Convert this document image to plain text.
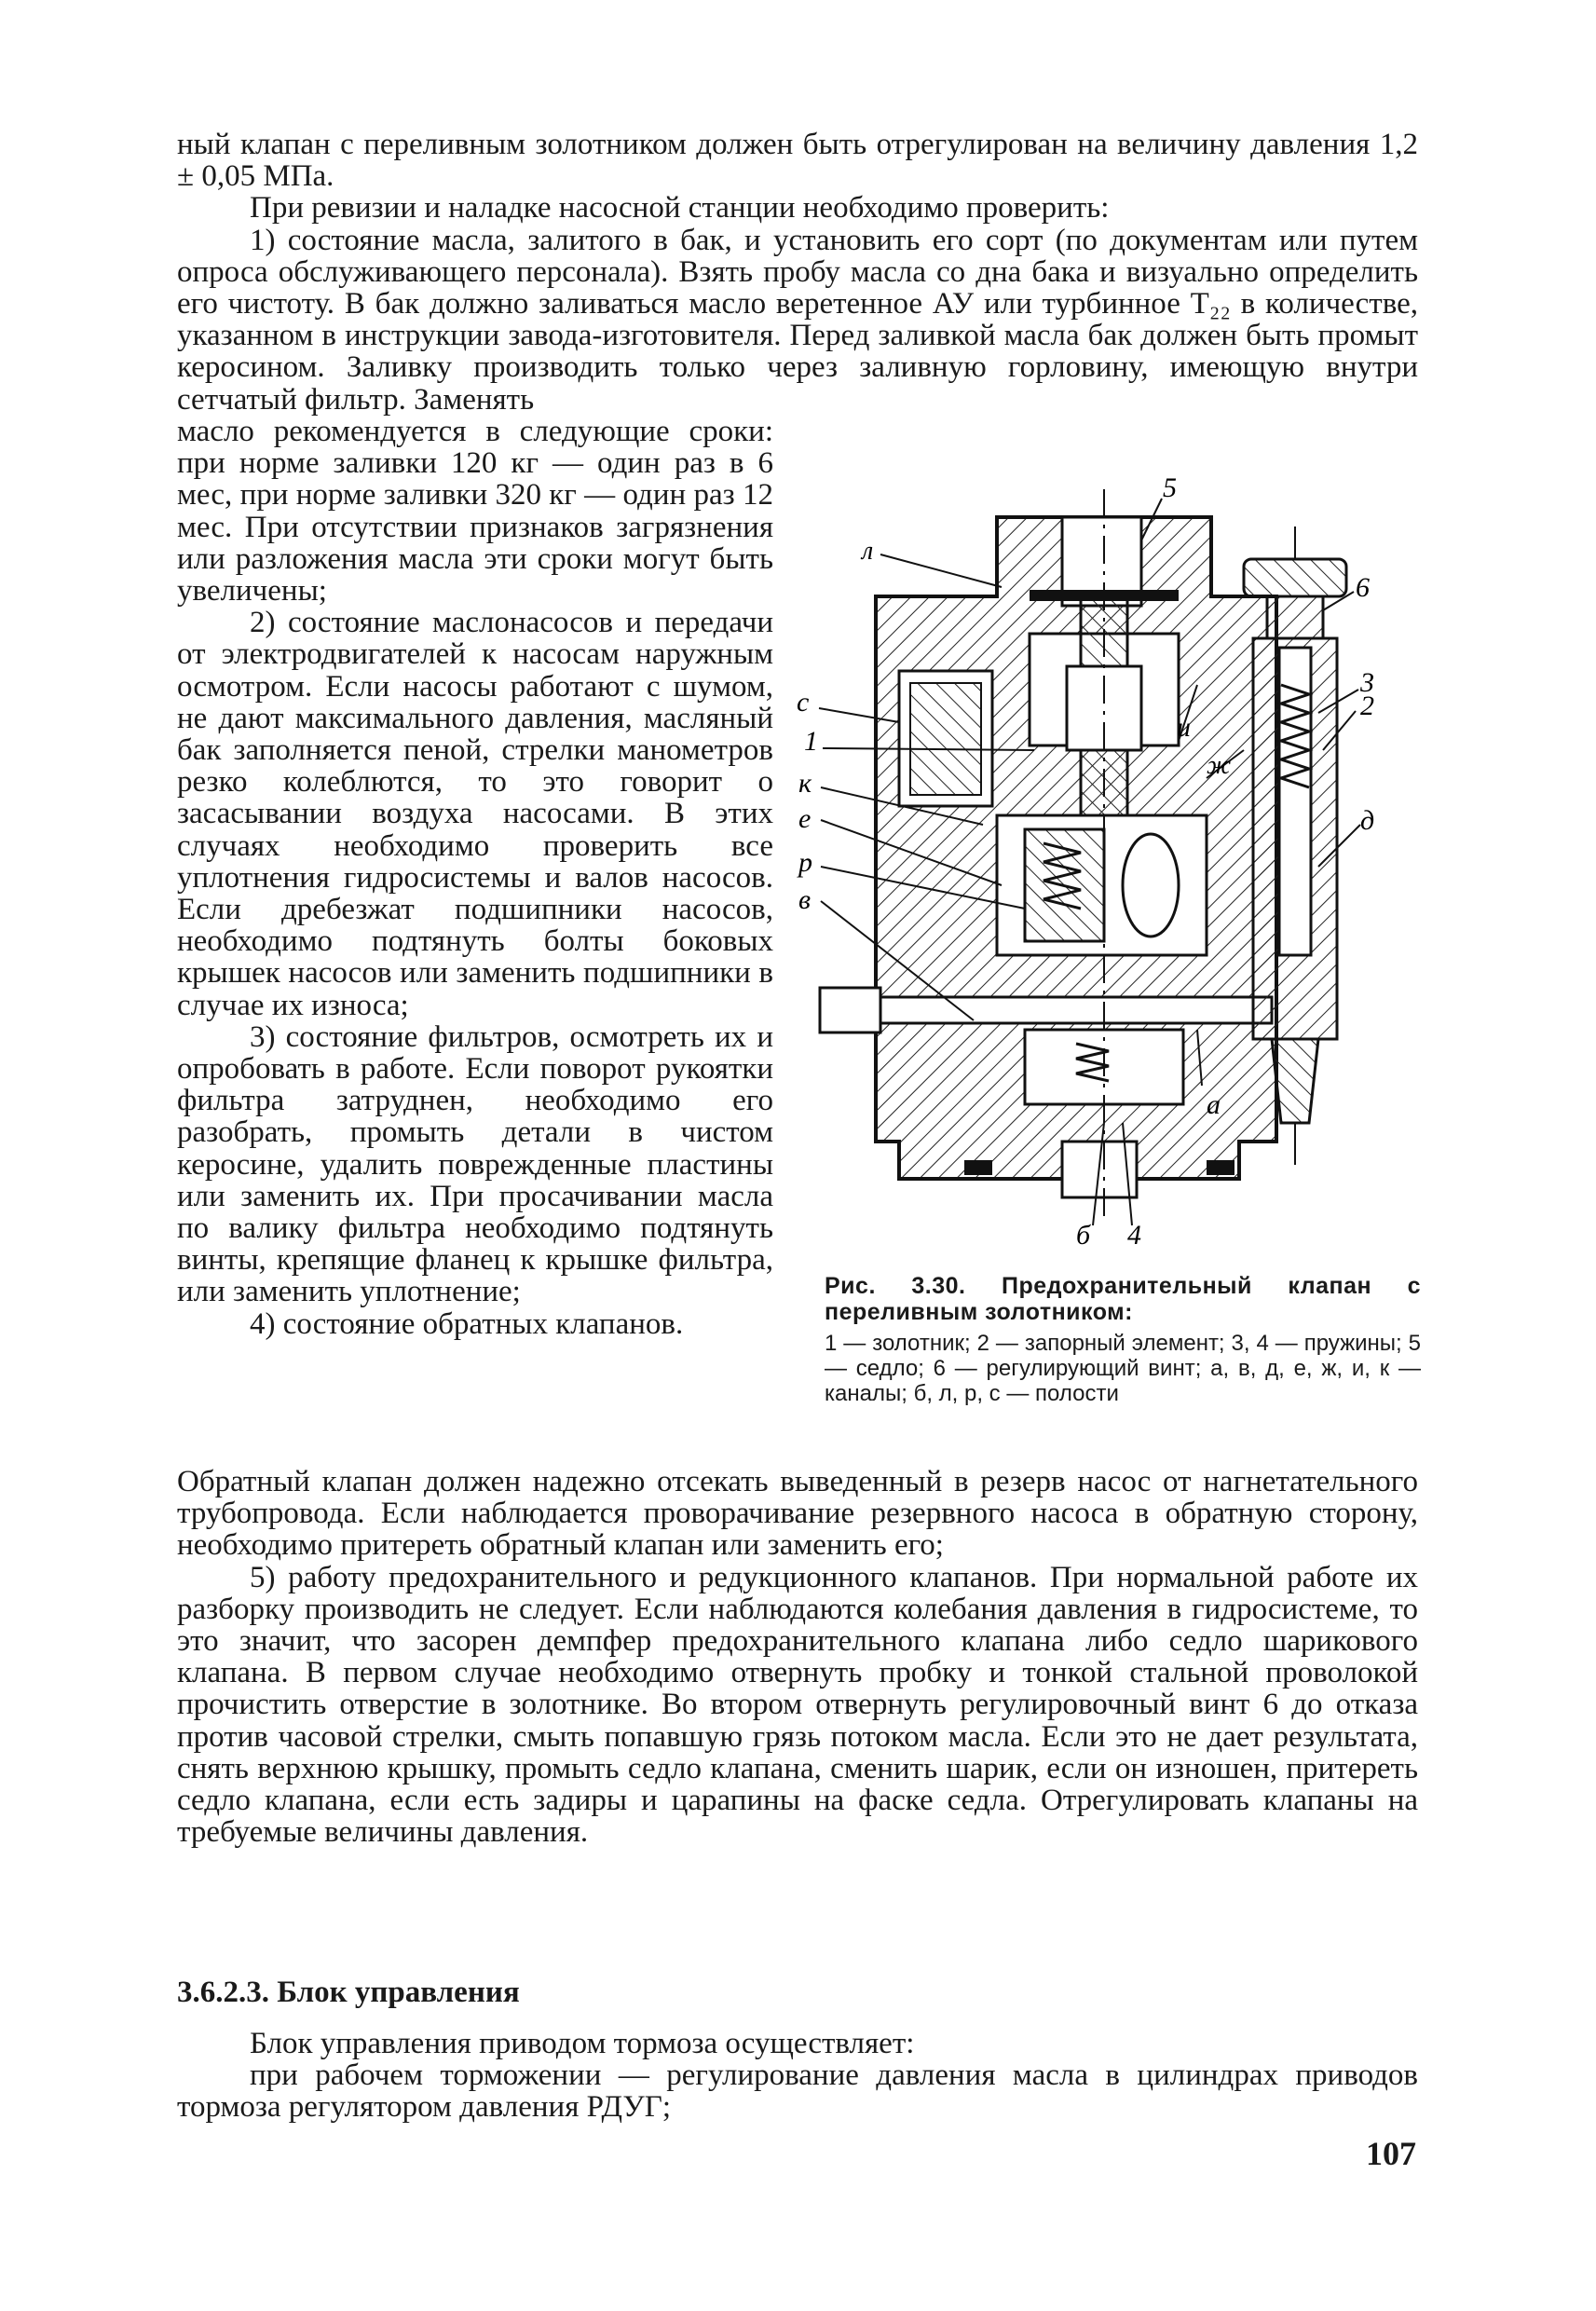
ный клапан с переливным золотником должен быть отрегулирован на величину давления 1,2 ± 0,05 МПа.

При ревизии и наладке насосной станции необходимо проверить:

1) состояние масла, залитого в бак, и установить его сорт (по документам или путем опроса обслуживающего персонала). Взять пробу масла со дна бака и визуально определить его чистоту. В бак должно заливаться масло веретенное АУ или турбинное Т₂₂ в количестве, указанном в инструкции завода-изготовителя. Перед заливкой масла бак должен быть промыт керосином. Заливку производить только через заливную горловину, имеющую внутри сетчатый фильтр. Заменять

масло рекомендуется в следующие сроки: при норме заливки 120 кг — один раз в 6 мес, при норме заливки 320 кг — один раз 12 мес. При отсутствии признаков загрязнения или разложения масла эти сроки могут быть увеличены;

2) состояние маслонасосов и передачи от электродвигателей к насосам наружным осмотром. Если насосы работают с шумом, не дают максимального давления, масляный бак заполняется пеной, стрелки манометров резко колеблются, то это говорит о засасывании воздуха насосами. В этих случаях необходимо проверить все уплотнения гидросистемы и валов насосов. Если дребезжат подшипники насосов, необходимо подтянуть болты боковых крышек насосов или заменить подшипники в случае их износа;

3) состояние фильтров, осмотреть их и опробовать в работе. Если поворот рукоятки фильтра затруднен, необходимо его разобрать, промыть детали в чистом керосине, удалить поврежденные пластины или заменить их. При просачивании масла по валику фильтра необходимо подтянуть винты, крепящие фланец к крышке фильтра, или заменить уплотнение;

4) состояние обратных клапанов.

5
6
3
2
д
а
б 4
л
с
1
к
е
р
в
и
ж

Рис. 3.30. Предохранительный клапан с переливным золотником:

1 — золотник; 2 — запорный элемент; 3, 4 — пружины; 5 — седло; 6 — регулирующий винт; а, в, д, е, ж, и, к — каналы; б, л, р, с — полости

Обратный клапан должен надежно отсекать выведенный в резерв насос от нагнетательного трубопровода. Если наблюдается проворачивание резервного насоса в обратную сторону, необходимо притереть обратный клапан или заменить его;

5) работу предохранительного и редукционного клапанов. При нормальной работе их разборку производить не следует. Если наблюдаются колебания давления в гидросистеме, то это значит, что засорен демпфер предохранительного клапана либо седло шарикового клапана. В первом случае необходимо отвернуть пробку и тонкой стальной проволокой прочистить отверстие в золотнике. Во втором отвернуть регулировочный винт 6 до отказа против часовой стрелки, смыть попавшую грязь потоком масла. Если это не дает результата, снять верхнюю крышку, промыть седло клапана, сменить шарик, если он изношен, притереть седло клапана, если есть задиры и царапины на фаске седла. Отрегулировать клапаны на требуемые величины давления.

3.6.2.3. Блок управления

Блок управления приводом тормоза осуществляет:

при рабочем торможении — регулирование давления масла в цилиндрах приводов тормоза регулятором давления РДУГ;

107
